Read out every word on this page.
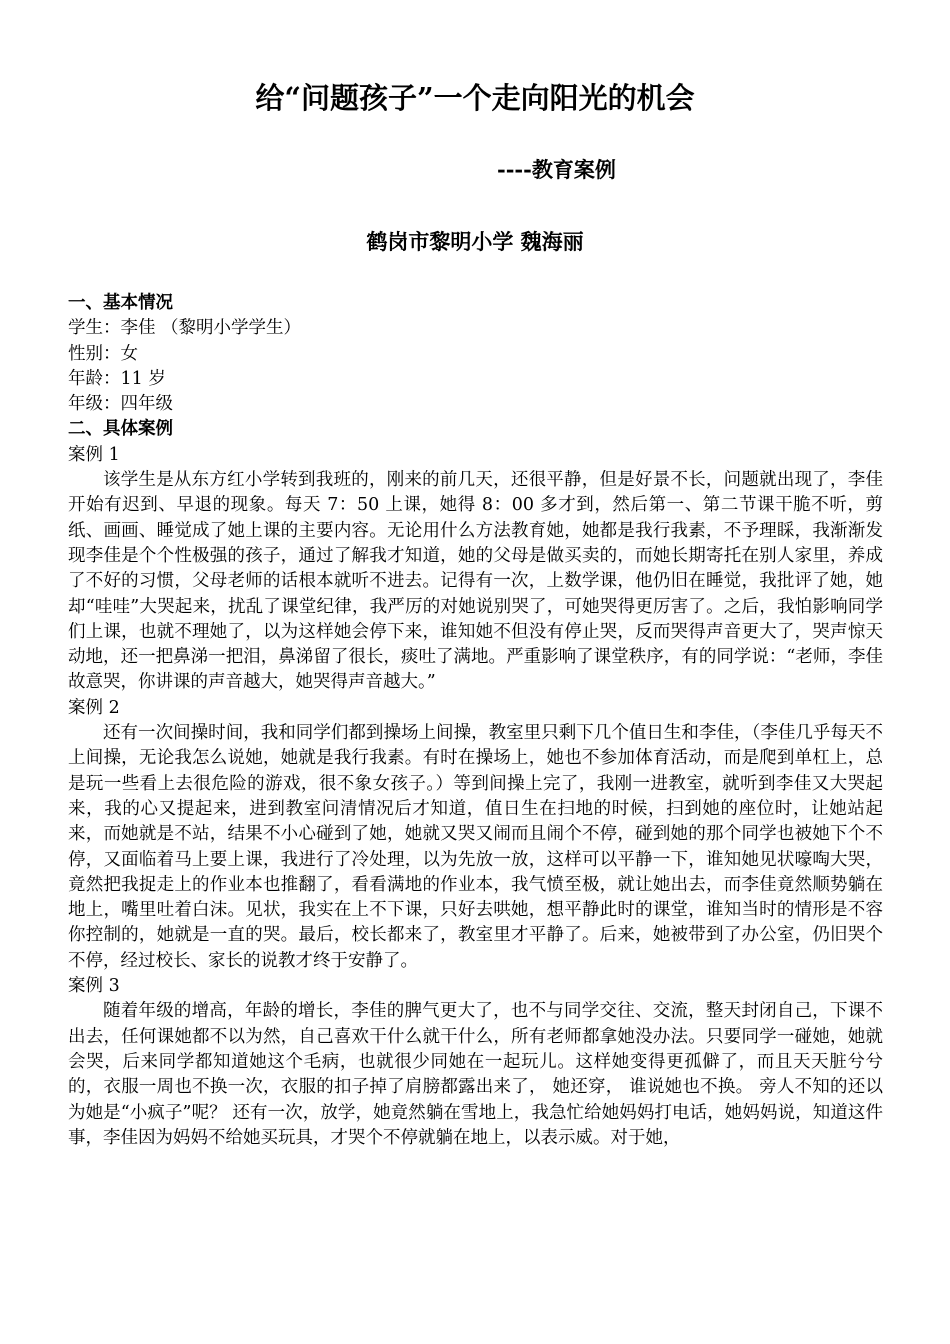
给“问题孩子”一个走向阳光的机会
----教育案例
鹤岗市黎明小学 魏海丽
一、基本情况
学生：李佳 （黎明小学学生）
性别：女
年龄：11 岁
年级：四年级
二、具体案例
案例 1

该学生是从东方红小学转到我班的，刚来的前几天，还很平静，但是好景不长，问题就出现了，李佳开始有迟到、早退的现象。每天 7：50 上课，她得 8：00 多才到，然后第一、第二节课干脆不听，剪纸、画画、睡觉成了她上课的主要内容。无论用什么方法教育她，她都是我行我素，不予理睬，我渐渐发现李佳是个个性极强的孩子，通过了解我才知道，她的父母是做买卖的，而她长期寄托在别人家里，养成了不好的习惯，父母老师的话根本就听不进去。记得有一次，上数学课，他仍旧在睡觉，我批评了她，她却“哇哇”大哭起来，扰乱了课堂纪律，我严厉的对她说别哭了，可她哭得更厉害了。之后，我怕影响同学们上课，也就不理她了，以为这样她会停下来，谁知她不但没有停止哭，反而哭得声音更大了，哭声惊天动地，还一把鼻涕一把泪，鼻涕留了很长，痰吐了满地。严重影响了课堂秩序，有的同学说：“老师，李佳故意哭，你讲课的声音越大，她哭得声音越大。”

案例 2

还有一次间操时间，我和同学们都到操场上间操，教室里只剩下几个值日生和李佳，（李佳几乎每天不上间操，无论我怎么说她，她就是我行我素。有时在操场上，她也不参加体育活动，而是爬到单杠上，总是玩一些看上去很危险的游戏，很不象女孩子。）等到间操上完了，我刚一进教室，就听到李佳又大哭起来，我的心又提起来，进到教室问清情况后才知道，值日生在扫地的时候，扫到她的座位时，让她站起来，而她就是不站，结果不小心碰到了她，她就又哭又闹而且闹个不停，碰到她的那个同学也被她下个不停，又面临着马上要上课，我进行了冷处理，以为先放一放，这样可以平静一下，谁知她见状嚎啕大哭，竟然把我捉走上的作业本也推翻了，看看满地的作业本，我气愤至极，就让她出去，而李佳竟然顺势躺在地上，嘴里吐着白沫。见状，我实在上不下课，只好去哄她，想平静此时的课堂，谁知当时的情形是不容你控制的，她就是一直的哭。最后，校长都来了，教室里才平静了。后来，她被带到了办公室，仍旧哭个不停，经过校长、家长的说教才终于安静了。

案例 3

随着年级的增高，年龄的增长，李佳的脾气更大了，也不与同学交往、交流，整天封闭自己，下课不出去，任何课她都不以为然，自己喜欢干什么就干什么，所有老师都拿她没办法。只要同学一碰她，她就会哭，后来同学都知道她这个毛病，也就很少同她在一起玩儿。这样她变得更孤僻了，而且天天脏兮兮的，衣服一周也不换一次，衣服的扣子掉了肩膀都露出来了， 她还穿， 谁说她也不换。 旁人不知的还以为她是“小疯子”呢？ 还有一次，放学，她竟然躺在雪地上，我急忙给她妈妈打电话，她妈妈说，知道这件事，李佳因为妈妈不给她买玩具，才哭个不停就躺在地上，以表示威。对于她，
